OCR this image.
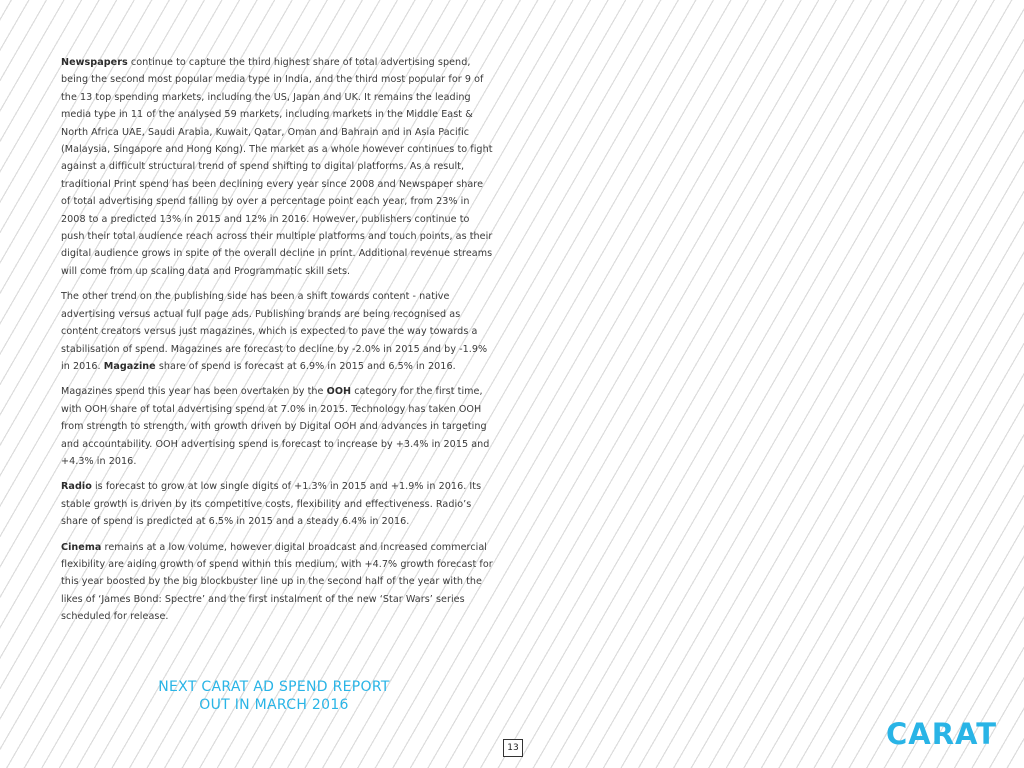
Newspapers continue to capture the third highest share of total advertising spend, being the second most popular media type in India, and the third most popular for 9 of the 13 top spending markets, including the US, Japan and UK. It remains the leading media type in 11 of the analysed 59 markets, including markets in the Middle East & North Africa UAE, Saudi Arabia, Kuwait, Qatar, Oman and Bahrain and in Asia Pacific (Malaysia, Singapore and Hong Kong). The market as a whole however continues to fight against a difficult structural trend of spend shifting to digital platforms. As a result, traditional Print spend has been declining every year since 2008 and Newspaper share of total advertising spend falling by over a percentage point each year, from 23% in 2008 to a predicted 13% in 2015 and 12% in 2016. However, publishers continue to push their total audience reach across their multiple platforms and touch points, as their digital audience grows in spite of the overall decline in print. Additional revenue streams will come from up scaling data and Programmatic skill sets.

The other trend on the publishing side has been a shift towards content - native advertising versus actual full page ads. Publishing brands are being recognised as content creators versus just magazines, which is expected to pave the way towards a stabilisation of spend. Magazines are forecast to decline by -2.0% in 2015 and by -1.9% in 2016. Magazine share of spend is forecast at 6.9% in 2015 and 6.5% in 2016.

Magazines spend this year has been overtaken by the OOH category for the first time, with OOH share of total advertising spend at 7.0% in 2015. Technology has taken OOH from strength to strength, with growth driven by Digital OOH and advances in targeting and accountability. OOH advertising spend is forecast to increase by +3.4% in 2015 and +4.3% in 2016.

Radio is forecast to grow at low single digits of +1.3% in 2015 and +1.9% in 2016. Its stable growth is driven by its competitive costs, flexibility and effectiveness. Radio’s share of spend is predicted at 6.5% in 2015 and a steady 6.4% in 2016.

Cinema remains at a low volume, however digital broadcast and increased commercial flexibility are aiding growth of spend within this medium, with +4.7% growth forecast for this year boosted by the big blockbuster line up in the second half of the year with the likes of ‘James Bond: Spectre’ and the first instalment of the new ‘Star Wars’ series scheduled for release.

NEXT CARAT AD SPEND REPORT
OUT IN MARCH 2016
13	CARAT
